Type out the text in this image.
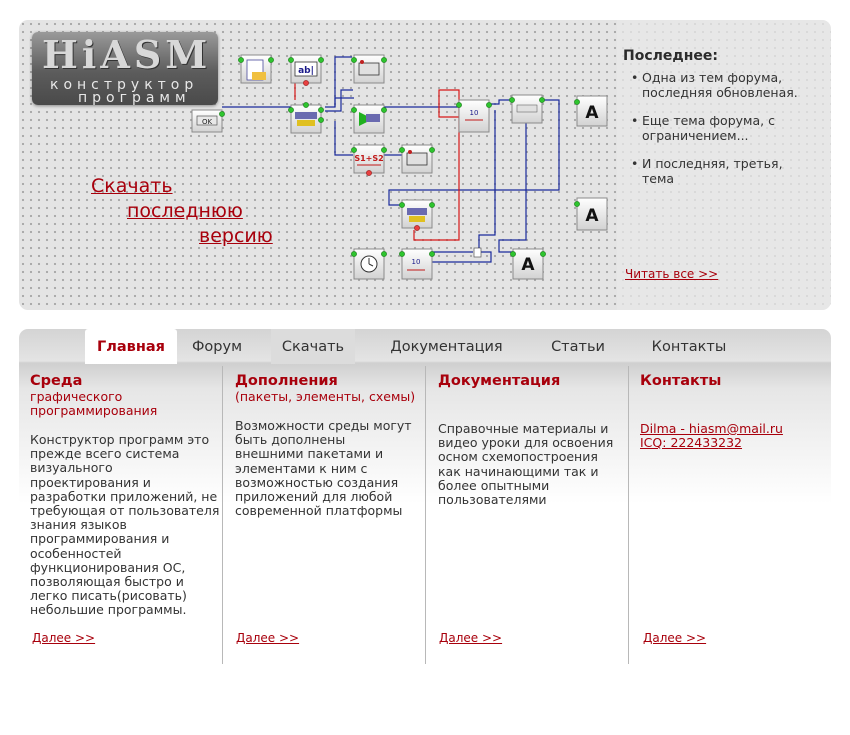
HiASM
конструктор
программ
OK
ab|
S1+S2
10	A
A
10	A
Скачать
последнюю
версию
Последнее:
• Одна из тем форума, последняя обновленая.
• Еще тема форума, с ограничением...
• И последняя, третья, тема
Читать все >>
Главная	Форум	Скачать	Документация	Статьи	Контакты
Среда
графического программирования

Конструктор программ это прежде всего система визуального проектирования и разработки приложений, не требующая от пользователя знания языков программирования и особенностей функционирования ОС, позволяющая быстро и легко писать(рисовать) небольшие программы.

Далее >>
Дополнения
(пакеты, элементы, схемы)

Возможности среды могут быть дополнены внешними пакетами и элементами к ним с возможностью создания приложений для любой современной платформы

Далее >>
Документация

Справочные материалы и видео уроки для освоения осном схемопостроения как начинающими так и более опытными пользователями

Далее >>
Контакты
Dilma - hiasm@mail.ru
ICQ: 222433232
Далее >>
